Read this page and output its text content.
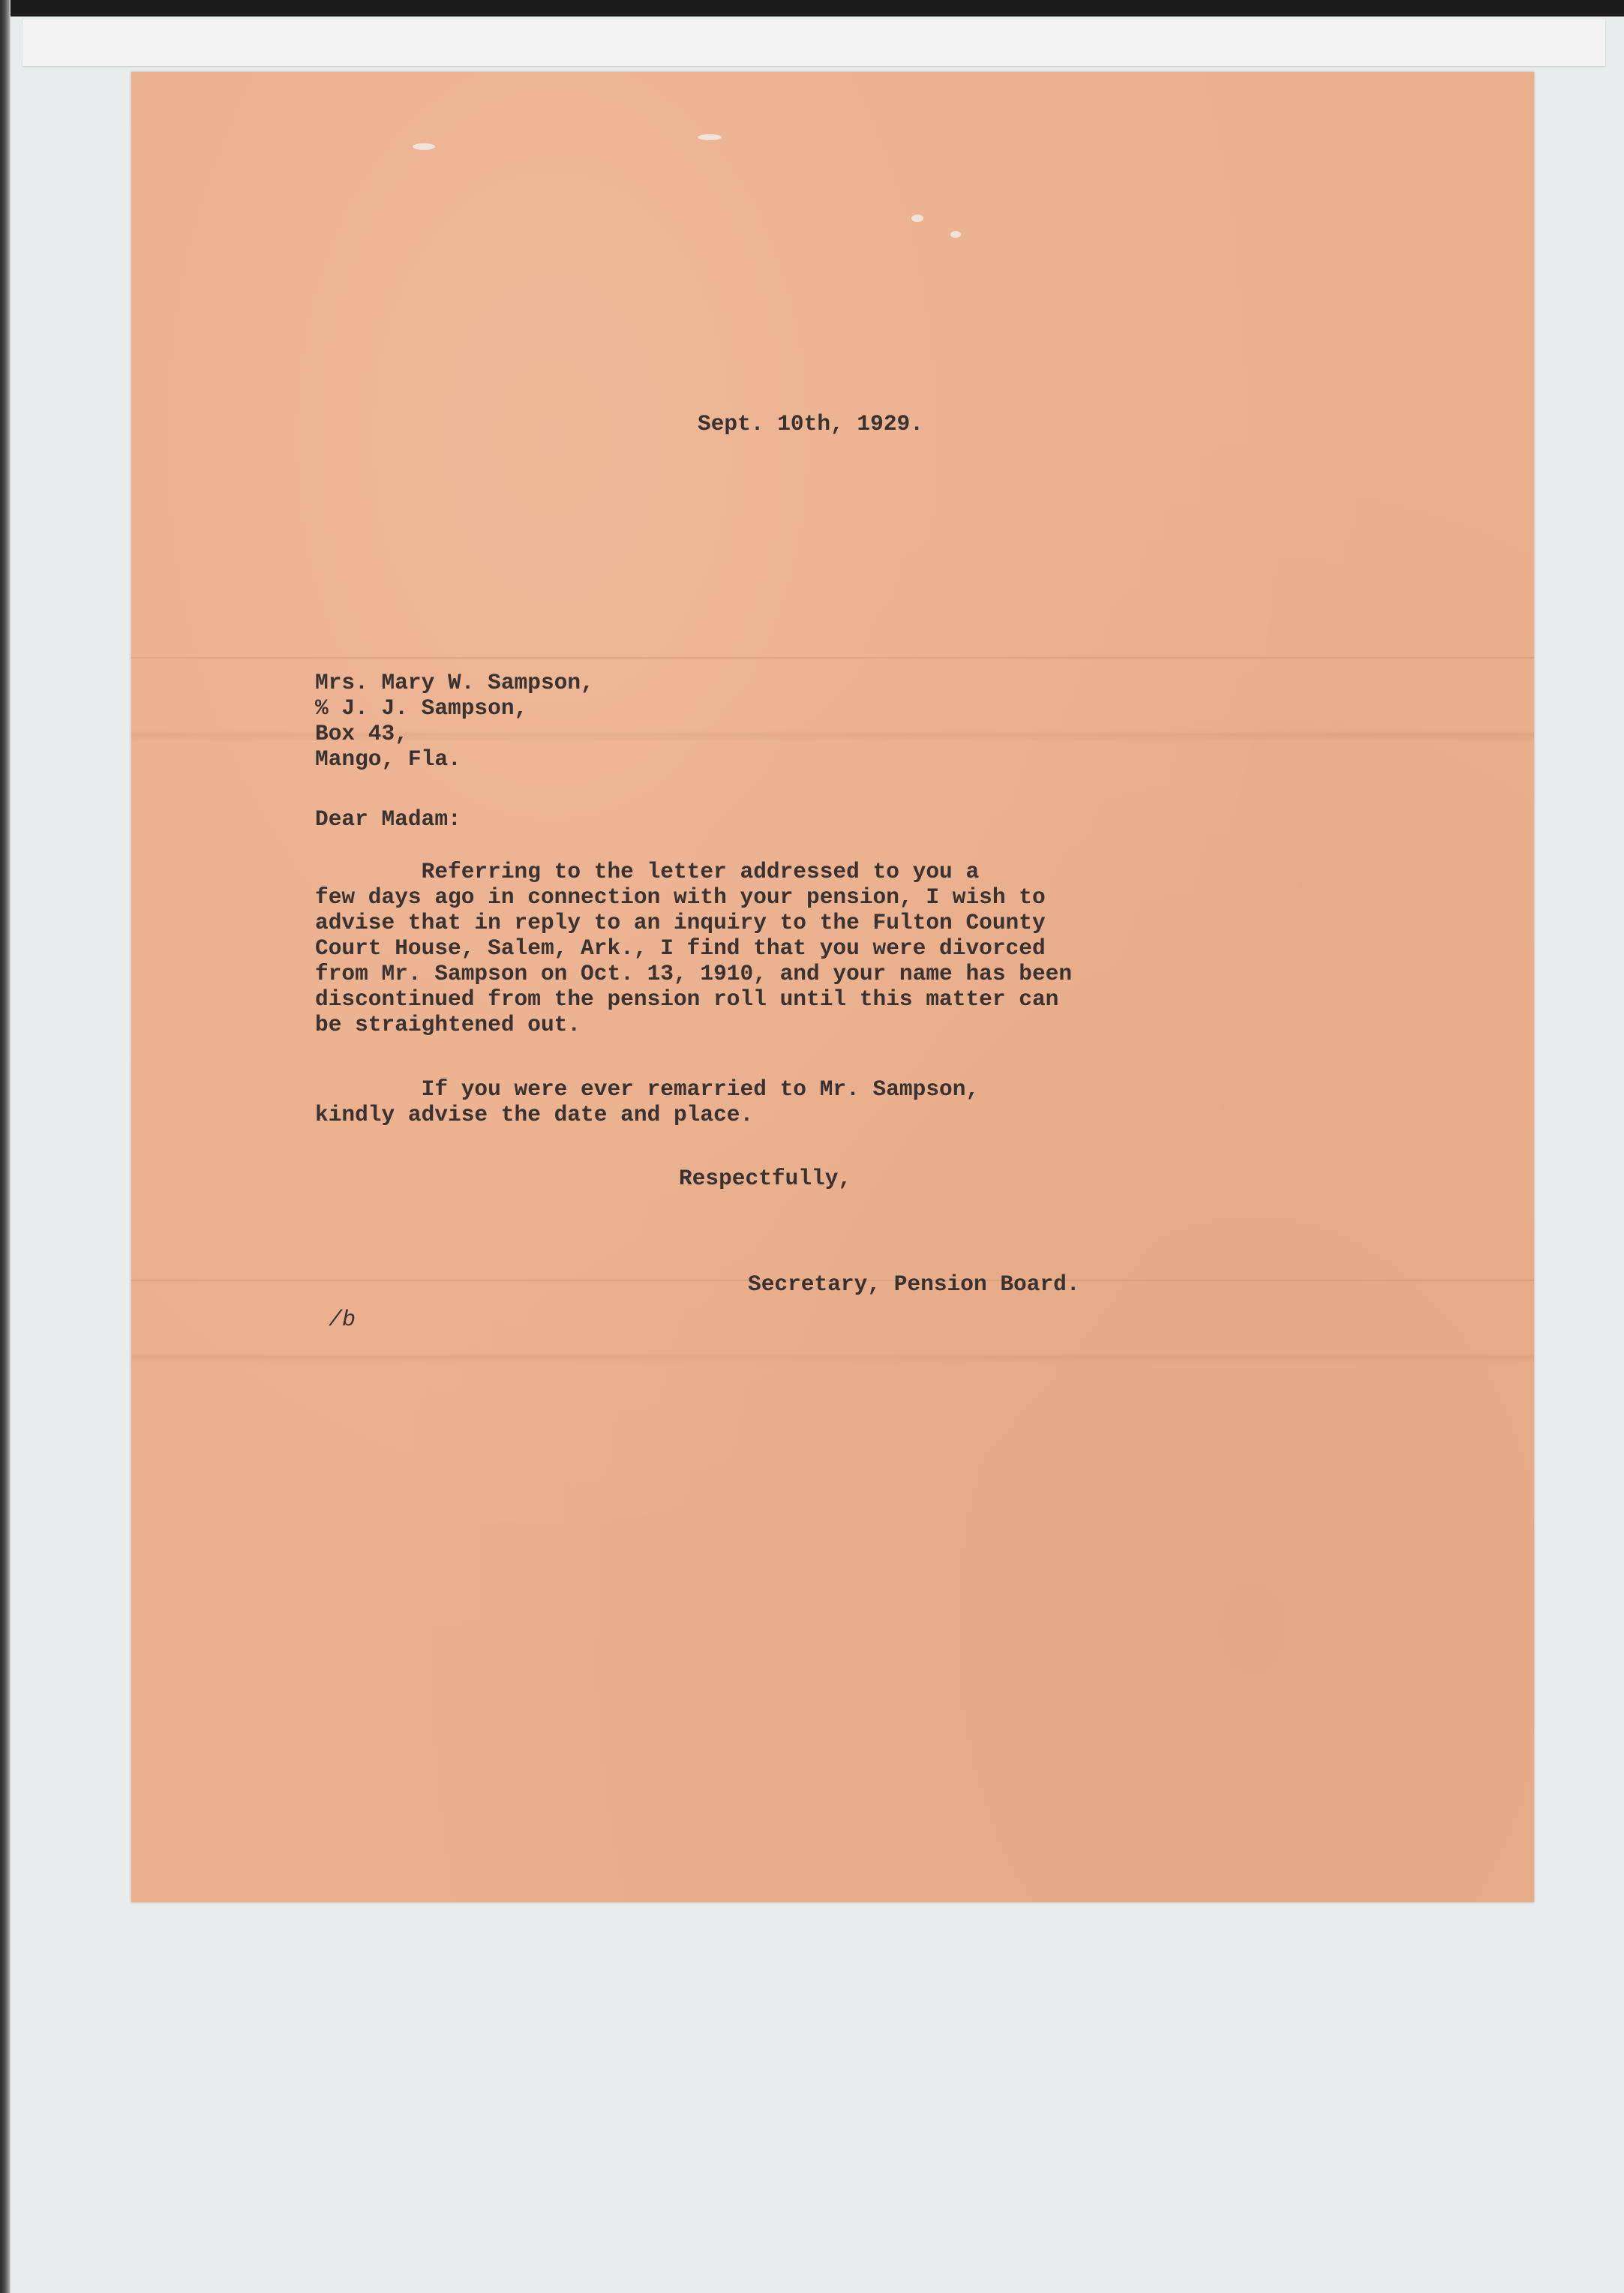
Sept. 10th, 1929.
Mrs. Mary W. Sampson,
% J. J. Sampson,
Box 43,
Mango, Fla.
Dear Madam:
Referring to the letter addressed to you a
few days ago in connection with your pension, I wish to
advise that in reply to an inquiry to the Fulton County
Court House, Salem, Ark., I find that you were divorced
from Mr. Sampson on Oct. 13, 1910, and your name has been
discontinued from the pension roll until this matter can
be straightened out.
If you were ever remarried to Mr. Sampson,
kindly advise the date and place.
Respectfully,
Secretary, Pension Board.
/b
